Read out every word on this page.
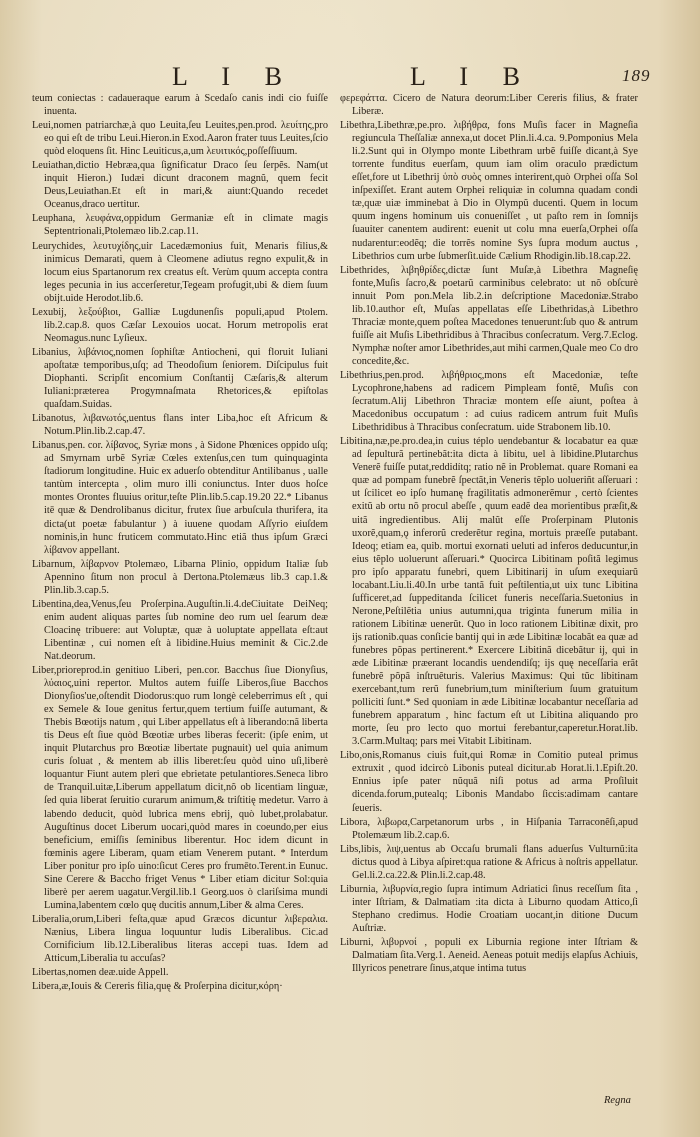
L I B	L I B	189

teum coniectas : cadaueraque earum à Scedaſo canis indi cio fuiſſe inuenta.

Leui,nomen patriarchæ,à quo Leuita,ſeu Leuites,pen.prod. λευίτης,pro eo qui eſt de tribu Leui.Hieron.in Exod.Aaron frater tuus Leuites,ſcio quòd eloquens ſit. Hinc Leuiticus,a,um λευιτικός,poſſeſſiuum.

Leuiathan,dictio Hebræa,qua ſignificatur Draco ſeu ſerpẽs. Nam(ut inquit Hieron.) Iudæi dicunt draconem magnũ, quem fecit Deus,Leuiathan.Et eſt in mari,& aiunt:Quando recedet Oceanus,draco uertitur.

Leuphana, λευφάνα,oppidum Germaniæ eſt in climate magis Septentrionali,Ptolemæo lib.2.cap.11.

Leurychides, λευτυχίδης,uir Lacedæmonius fuit, Menaris filius,& inimicus Demarati, quem à Cleomene adiutus regno expulit,& in locum eius Spartanorum rex creatus eſt. Verùm quum accepta contra leges pecunia in ius accerſeretur,Tegeam profugit,ubi & diem ſuum obijt.uide Herodot.lib.6.

Lexubij, λεξούβιοι, Galliæ Lugdunenſis populi,apud Ptolem. lib.2.cap.8. quos Cæſar Lexouios uocat. Horum metropolis erat Neomagus.nunc Lyſieux.

Libanius, λιβάνιος,nomen ſophiſtæ Antiocheni, qui floruit Iuliani apoſtatæ temporibus,uſq; ad Theodoſium ſeniorem. Diſcipulus fuit Diophanti. Scripſit encomium Conſtantij Cæſaris,& alterum Iuliani:præterea Progymnaſmata Rhetorices,& epiſtolas quaſdam.Suidas.

Libanotus, λιβανωτός,uentus flans inter Liba,hoc eſt Africum & Notum.Plin.lib.2.cap.47.

Libanus,pen. cor. λίβανος, Syriæ mons , à Sidone Phœnices oppido uſq; ad Smyrnam urbẽ Syriæ Cœles extenſus,cen tum quinquaginta ſtadiorum longitudine. Huic ex aduerſo obtenditur Antilibanus , ualle tantùm intercepta , olim muro illi coniunctus. Inter duos hoſce montes Orontes fluuius oritur,teſte Plin.lib.5.cap.19.20 22.* Libanus itē quæ & Dendrolibanus dicitur, frutex ſiue arbuſcula thurifera, ita dicta(ut poetæ fabulantur ) à iuuene quodam Aſſyrio eiuſdem nominis,in hunc fruticem commutato.Hinc etiã thus ipſum Græci λίβανον appellant.

Libarnum, λίβαρνον Ptolemæo, Libarna Plinio, oppidum Italiæ ſub Apennino ſitum non procul à Dertona.Ptolemæus lib.3 cap.1.& Plin.lib.3.cap.5.

Libentina,dea,Venus,ſeu Proſerpina.Auguſtin.li.4.deCiuitate DeiNeq; enim audent aliquas partes ſub nomine deo rum uel ſearum deæ Cloacinę tribuere: aut Voluptæ, quæ à uoluptate appellata eſt:aut Libentinæ , cui nomen eſt à libidine.Huius meminit & Cic.2.de Nat.deorum.

Liber,prioreprod.in genitiuo Liberi, pen.cor. Bacchus ſiue Dionyſius, λύαιος,uini repertor. Multos autem fuiſſe Liberos,ſiue Bacchos Dionyſios'ue,oſtendit Diodorus:quo rum longè celeberrimus eſt , qui ex Semele & Ioue genitus fertur,quem tertium fuiſſe autumant, & Thebis Bœotijs natum , qui Liber appellatus eſt à liberando:nã liberta tis Deus eſt ſiue quòd Bœotiæ urbes liberas fecerit: (ipſe enim, ut inquit Plutarchus pro Bœotiæ libertate pugnauit) uel quia animum curis ſoluat , & mentem ab illis liberet:ſeu quòd uino uſi,liberè loquantur Fiunt autem pleri que ebrietate petulantiores.Seneca libro de Tranquil.uitæ,Liberum appellatum dicit,nõ ob licentiam linguæ, ſed quia liberat ſeruitio curarum animum,& triſtitię medetur. Varro à labendo deducit, quòd lubrica mens ebrij, quò lubet,prolabatur. Auguſtinus docet Liberum uocari,quòd mares in coeundo,per eius beneficium, emiſſis ſeminibus liberentur. Hoc idem dicunt in fœminis agere Liberam, quam etiam Venerem putant. * Interdum Liber ponitur pro ipſo uino:ſicut Ceres pro frumēto.Terent.in Eunuc. Sine Cerere & Baccho friget Venus * Liber etiam dicitur Sol:quia liberè per aerem uagatur.Vergil.lib.1 Georg.uos ò clariſsima mundi Lumina,labentem cœlo quę ducitis annum,Liber & alma Ceres.

Liberalia,orum,Liberi feſta,quæ apud Græcos dicuntur λιβεραλια. Nænius, Libera lingua loquuntur ludis Liberalibus. Cic.ad Cornificium lib.12.Liberalibus literas accepi tuas. Idem ad Atticum,Liberalia tu accuſas?

Libertas,nomen deæ.uide Appell.

Libera,æ,Iouis & Cereris filia,quę & Proſerpina dicitur,κόρη·

φερεφάττα. Cicero de Natura deorum:Liber Cereris filius, & frater Liberæ.

Libethra,Libethræ,pe.pro. λιβήθρα, fons Muſis facer in Magneſia regiuncula Theſſaliæ annexa,ut docet Plin.li.4.ca. 9.Pomponius Mela li.2.Sunt qui in Olympo monte Libethram urbẽ fuiſſe dicant,à Sye torrente funditus euerſam, quum iam olim oraculo prædictum eſſet,fore ut Libethrij ὑπὸ συὸς omnes interirent,quò Orphei oſſa Sol inſpexiſſet. Erant autem Orphei reliquiæ in columna quadam condi tæ,quæ uiæ imminebat à Dio in Olympũ ducenti. Quem in locum quum ingens hominum uis conueniſſet , ut paſto rem in ſomnijs ſuauiter canentem audirent: euenit ut colu mna euerſa,Orphei oſſa nudarentur:eodẽq; die torrẽs nomine Sys ſupra modum auctus , Libethrios cum urbe ſubmerſit.uide Cælium Rhodigin.lib.18.cap.22.

Libethrides, λιβηθρίδες,dictæ ſunt Muſæ,à Libethra Magneſię fonte,Muſis ſacro,& poetarũ carminibus celebrato: ut nõ obſcurè innuit Pom pon.Mela lib.2.in deſcriptione Macedoniæ.Strabo lib.10.author eſt, Muſas appellatas eſſe Libethridas,à Libethro Thraciæ monte,quem poſtea Macedones tenuerunt:ſub quo & antrum fuiſſe ait Muſis Libethridibus à Thracibus conſecratum. Verg.7.Eclog. Nymphæ noſter amor Libethrides,aut mihi carmen,Quale meo Co dro concedite,&c.

Libethrius,pen.prod. λιβήθριος,mons eſt Macedoniæ, teſte Lycophrone,habens ad radicem Pimpleam fontẽ, Muſis con ſecratum.Alij Libethron Thraciæ montem eſſe aiunt, poſtea à Macedonibus occupatum : ad cuius radicem antrum fuit Muſis Libethridibus à Thracibus conſecratum. uide Strabonem lib.10.

Libitina,næ,pe.pro.dea,in cuius téplo uendebantur & locabatur ea quæ ad ſepulturã pertinebãt:ita dicta à libitu, uel à libidine.Plutarchus Venerẽ fuiſſe putat,reddidítq; ratio nẽ in Problemat. quare Romani ea quæ ad pompam funebrẽ ſpectãt,in Veneris tẽplo uolueriñt aſſeruari : ut ſcilicet eo ipſo humanę fragilitatis admonerẽmur , certò ſcientes exitũ ab ortu nõ procul abeſſe , quum eadẽ dea morientibus præſit,& uitã ingredientibus. Alij malũt eſſe Proſerpinam Plutonis uxorẽ,quam,ǫ inferorũ crederẽtur regina, mortuis præeſſe putabant. Ideoq; etiam ea, quib. mortui exornati ueluti ad inferos deducuntur,in eius tẽplo uoluerunt aſſeruari.* Quocirca Libitinam poſitã legimus pro ipſo apparatu funebri, quem Libitinarij in uſum exequiarũ locabant.Liu.li.40.In urbe tantã fuit peſtilentia,ut uix tunc Libitina ſufficeret,ad ſuppeditanda ſcilicet funeris neceſſaria.Suetonius in Nerone,Peſtilẽtia unius autumni,qua triginta funerum milia in rationem Libitinæ uenerũt. Quo in loco rationem Libitinæ dixit, pro ijs rationib.quas conſicie bantij qui in æde Libitinæ locabãt ea quæ ad funebres põpas pertinerent.* Exercere Libitinã dicebãtur ij, qui in æde Libitinæ præerant locandis uendendiſq; ijs quę neceſſaria erãt funebrẽ põpã inſtruẽturis. Valerius Maximus: Qui tũc libitinam exercebant,tum rerũ funebrium,tum miniſterium ſuum gratuitum polliciti ſunt.* Sed quoniam in æde Libitinæ locabantur neceſſaria ad funebrem apparatum , hinc factum eſt ut Libitina aliquando pro morte, ſeu pro lecto quo mortui ferebantur,caperetur.Horat.lib. 3.Carm.Multaq; pars mei Vitabit Libitinam.

Libo,onis,Romanus ciuis fuit,qui Romæ in Comitio puteal primus extruxit , quod idcircò Libonis puteal dicitur.ab Horat.li.1.Epiſt.20. Ennius ipſe pater nũquã niſi potus ad arma Proſiluit dicenda.forum,putealq; Libonis Mandabo ſiccis:adimam cantare ſeueris.

Libora, λιβωρα,Carpetanorum urbs , in Hiſpania Tarraconẽſi,apud Ptolemæum lib.2.cap.6.

Libs,libis, λιψ,uentus ab Occaſu brumali flans aduerſus Vulturnũ:ita dictus quod à Libya aſpiret:qua ratione & Africus à noſtris appellatur. Gel.li.2.ca.22.& Plin.li.2.cap.48.

Liburnia, λιβυρνία,regio ſupra intimum Adriatici ſinus receſſum ſita , inter Iſtriam, & Dalmatiam :ita dicta à Liburno quodam Attico,ſi Stephano credimus. Hodie Croatiam uocant,in ditione Ducum Auſtriæ.

Liburni, λιβυρνοί , populi ex Liburnia regione inter Iſtriam & Dalmatiam ſita.Verg.1. Aeneid. Aeneas potuit medijs elapſus Achiuis, Illyricos penetrare ſinus,atque intima tutus

Regna
